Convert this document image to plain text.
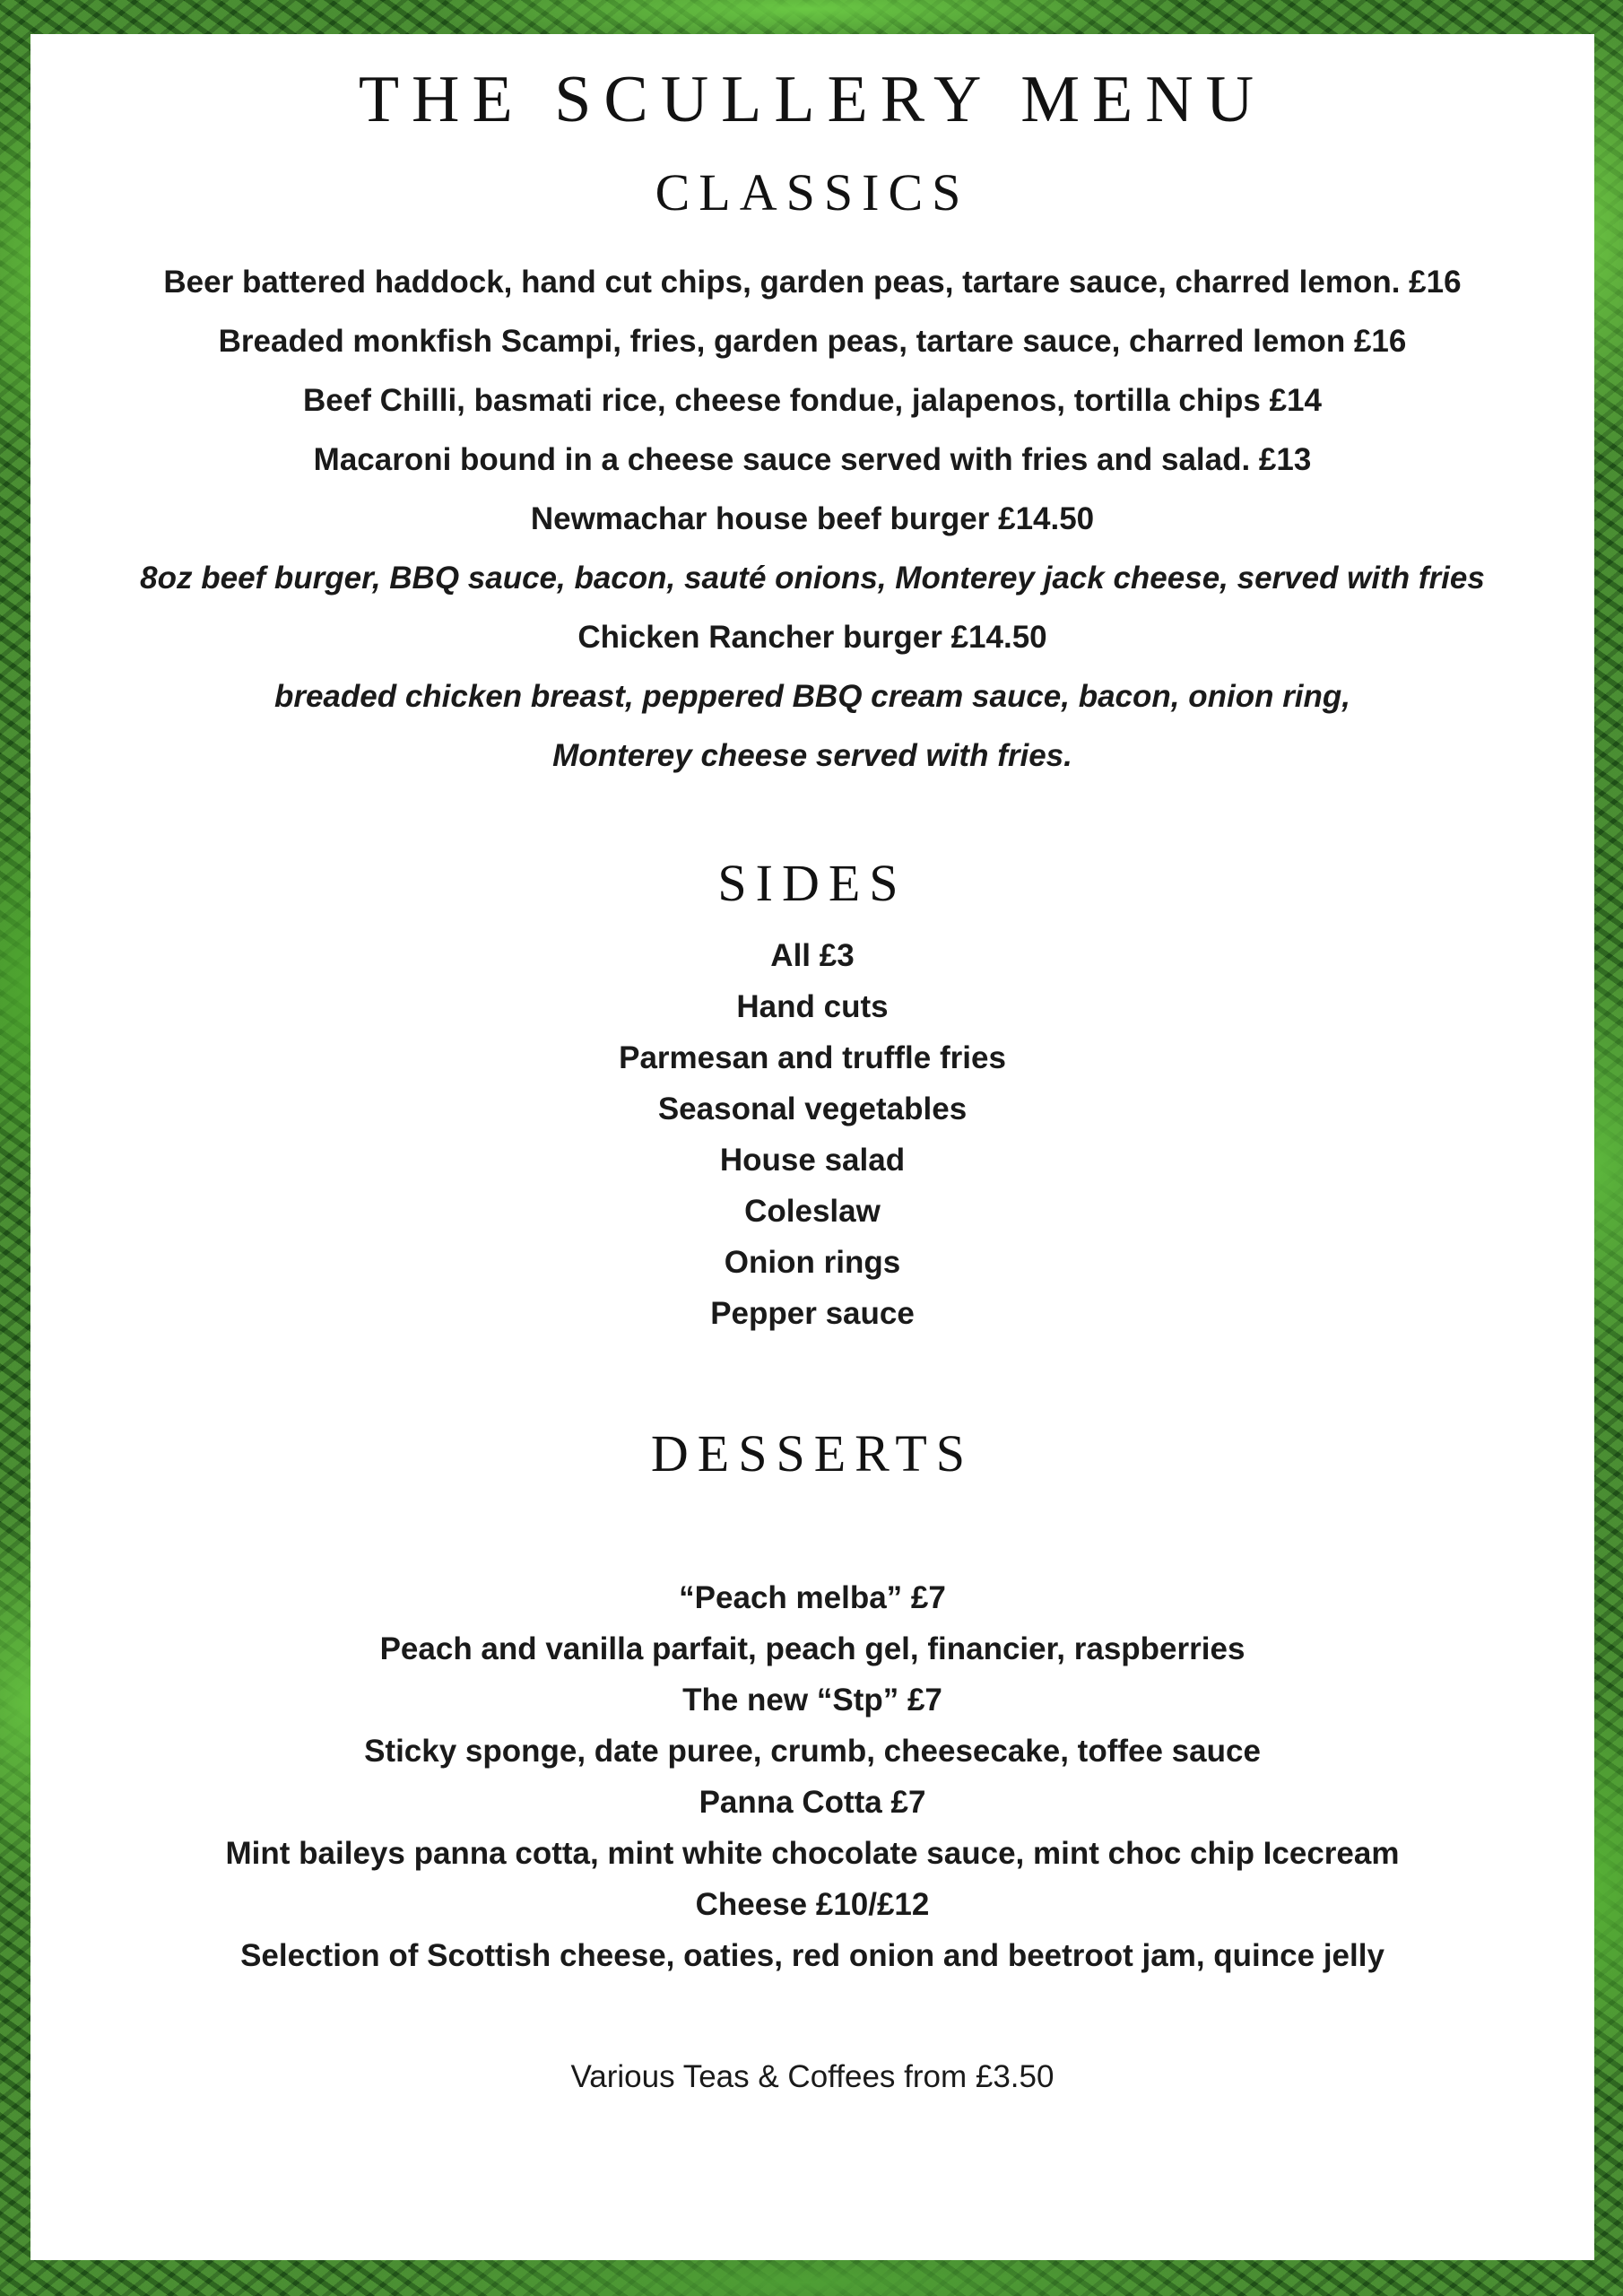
THE SCULLERY MENU
CLASSICS
Beer battered haddock, hand cut chips, garden peas, tartare sauce, charred lemon. £16
Breaded monkfish Scampi, fries, garden peas, tartare sauce, charred lemon £16
Beef Chilli, basmati rice, cheese fondue, jalapenos, tortilla chips £14
Macaroni bound in a cheese sauce served with fries and salad. £13
Newmachar house beef burger £14.50
8oz beef burger, BBQ sauce, bacon, sauté onions, Monterey jack cheese, served with fries
Chicken Rancher burger £14.50
breaded chicken breast, peppered BBQ cream sauce, bacon, onion ring,
Monterey cheese served with fries.
SIDES
All £3
Hand cuts
Parmesan and truffle fries
Seasonal vegetables
House salad
Coleslaw
Onion rings
Pepper sauce
DESSERTS
“Peach melba” £7
Peach and vanilla parfait, peach gel, financier, raspberries
The new “Stp” £7
Sticky sponge, date puree, crumb, cheesecake, toffee sauce
Panna Cotta £7
Mint baileys panna cotta, mint white chocolate sauce, mint choc chip Icecream
Cheese £10/£12
Selection of Scottish cheese, oaties, red onion and beetroot jam, quince jelly
Various Teas & Coffees from £3.50
